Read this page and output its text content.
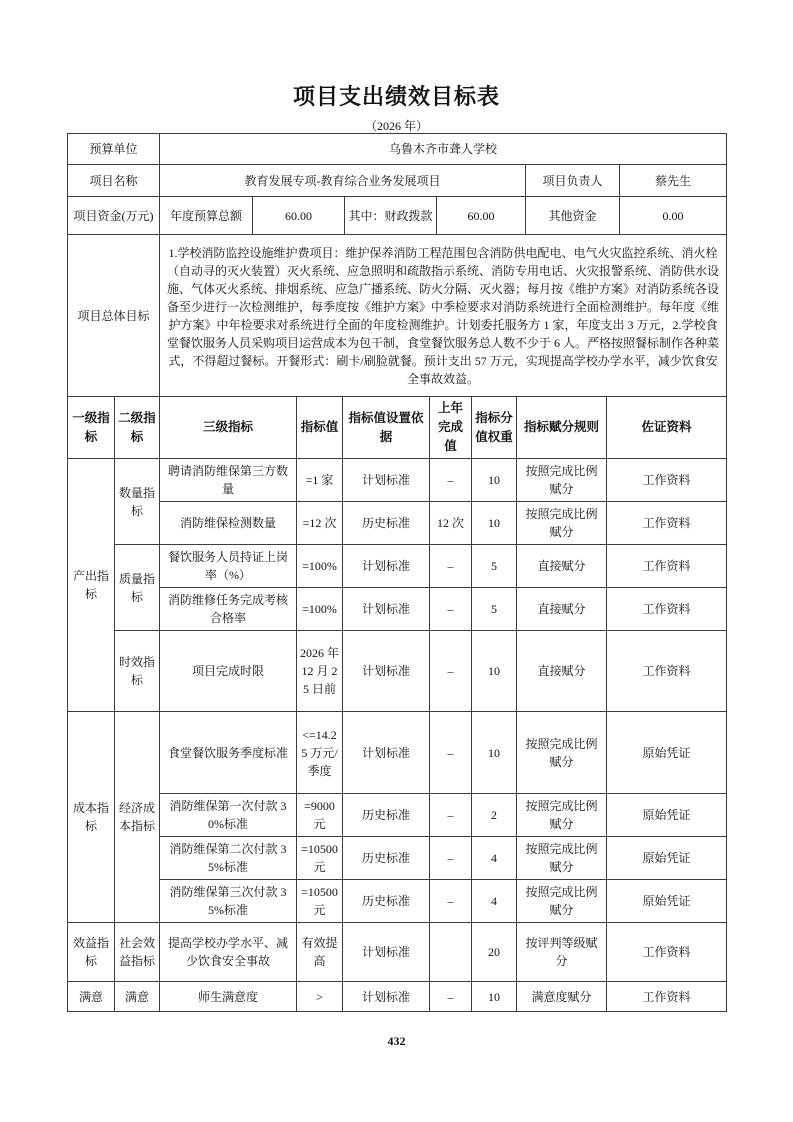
项目支出绩效目标表
（2026 年）
预算单位	乌鲁木齐市聋人学校					
项目名称	教育发展专项-教育综合业务发展项目				项目负责人	蔡先生
项目资金(万元)	年度预算总额	60.00	其中：财政拨款	60.00	其他资金	0.00
项目总体目标	1.学校消防监控设施维护费项目：维护保养消防工程范围包含消防供电配电、电气火灾监控系统、消火栓（自动寻的灭火装置）灭火系统、应急照明和疏散指示系统、消防专用电话、火灾报警系统、消防供水设施、气体灭火系统、排烟系统、应急广播系统、防火分隔、灭火器；每月按《维护方案》对消防系统各设备至少进行一次检测维护，每季度按《维护方案》中季检要求对消防系统进行全面检测维护。每年度《维护方案》中年检要求对系统进行全面的年度检测维护。计划委托服务方 1 家，年度支出 3 万元，2.学校食堂餐饮服务人员采购项目运营成本为包干制，食堂餐饮服务总人数不少于 6 人。严格按照餐标制作各种菜式，不得超过餐标。开餐形式：刷卡/刷脸就餐。预计支出 57 万元，实现提高学校办学水平，减少饮食安全事故效益。					
一级指标	二级指标	三级指标	指标值	指标值设置依据	上年完成值	指标分值权重	指标赋分规则	佐证资料
产出指标	数量指标	聘请消防维保第三方数量	=1 家	计划标准	–	10	按照完成比例赋分	工作资料
		消防维保检测数量	=12 次	历史标准	12 次	10	按照完成比例赋分	工作资料
	质量指标	餐饮服务人员持证上岗率（%）	=100%	计划标准	–	5	直接赋分	工作资料
		消防维修任务完成考核合格率	=100%	计划标准	–	5	直接赋分	工作资料
	时效指标	项目完成时限	2026 年 12 月 25 日前	计划标准	–	10	直接赋分	工作资料
成本指标	经济成本指标	食堂餐饮服务季度标准	<=14.25 万元/季度	计划标准	–	10	按照完成比例赋分	原始凭证
		消防维保第一次付款 30%标准	=9000 元	历史标准	–	2	按照完成比例赋分	原始凭证
		消防维保第二次付款 35%标准	=10500 元	历史标准	–	4	按照完成比例赋分	原始凭证
		消防维保第三次付款 35%标准	=10500 元	历史标准	–	4	按照完成比例赋分	原始凭证
效益指标	社会效益指标	提高学校办学水平、减少饮食安全事故	有效提高	计划标准		20	按评判等级赋分	工作资料
满意	满意	师生满意度	>	计划标准	–	10	满意度赋分	工作资料
432
